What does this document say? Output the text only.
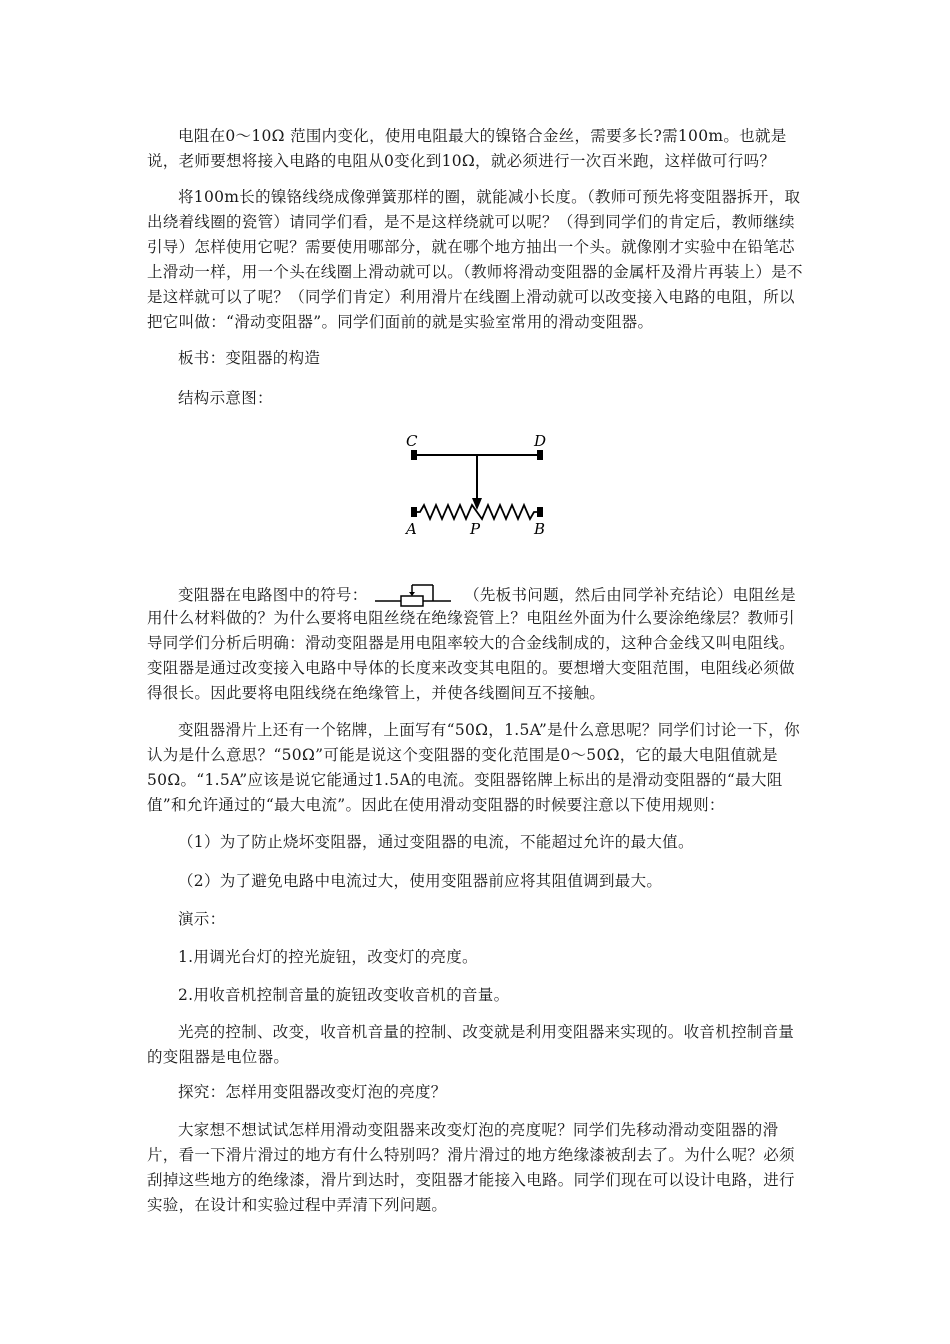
电阻在0～10Ω 范围内变化，使用电阻最大的镍铬合金丝，需要多长?需100m。也就是说，老师要想将接入电路的电阻从0变化到10Ω，就必须进行一次百米跑，这样做可行吗？

将100m长的镍铬线绕成像弹簧那样的圈，就能减小长度。（教师可预先将变阻器拆开，取出绕着线圈的瓷管）请同学们看，是不是这样绕就可以呢？（得到同学们的肯定后，教师继续引导）怎样使用它呢？需要使用哪部分，就在哪个地方抽出一个头。就像刚才实验中在铅笔芯上滑动一样，用一个头在线圈上滑动就可以。（教师将滑动变阻器的金属杆及滑片再装上）是不是这样就可以了呢？（同学们肯定）利用滑片在线圈上滑动就可以改变接入电路的电阻，所以把它叫做：“滑动变阻器”。同学们面前的就是实验室常用的滑动变阻器。

板书：变阻器的构造

结构示意图：

C	D
A	P	B
变阻器在电路图中的符号：	（先板书问题，然后由同学补充结论）电阻丝是

用什么材料做的？为什么要将电阻丝绕在绝缘瓷管上？电阻丝外面为什么要涂绝缘层？教师引导同学们分析后明确：滑动变阻器是用电阻率较大的合金线制成的，这种合金线又叫电阻线。变阻器是通过改变接入电路中导体的长度来改变其电阻的。要想增大变阻范围，电阻线必须做得很长。因此要将电阻线绕在绝缘管上，并使各线圈间互不接触。

变阻器滑片上还有一个铭牌，上面写有“50Ω，1.5A”是什么意思呢？同学们讨论一下，你认为是什么意思？“50Ω”可能是说这个变阻器的变化范围是0～50Ω，它的最大电阻值就是50Ω。“1.5A”应该是说它能通过1.5A的电流。变阻器铭牌上标出的是滑动变阻器的“最大阻值”和允许通过的“最大电流”。因此在使用滑动变阻器的时候要注意以下使用规则：

（1）为了防止烧坏变阻器，通过变阻器的电流，不能超过允许的最大值。

（2）为了避免电路中电流过大，使用变阻器前应将其阻值调到最大。

演示：

1.用调光台灯的控光旋钮，改变灯的亮度。

2.用收音机控制音量的旋钮改变收音机的音量。

光亮的控制、改变，收音机音量的控制、改变就是利用变阻器来实现的。收音机控制音量的变阻器是电位器。

探究：怎样用变阻器改变灯泡的亮度？

大家想不想试试怎样用滑动变阻器来改变灯泡的亮度呢？同学们先移动滑动变阻器的滑片，看一下滑片滑过的地方有什么特别吗？滑片滑过的地方绝缘漆被刮去了。为什么呢？必须刮掉这些地方的绝缘漆，滑片到达时，变阻器才能接入电路。同学们现在可以设计电路，进行实验，在设计和实验过程中弄清下列问题。
